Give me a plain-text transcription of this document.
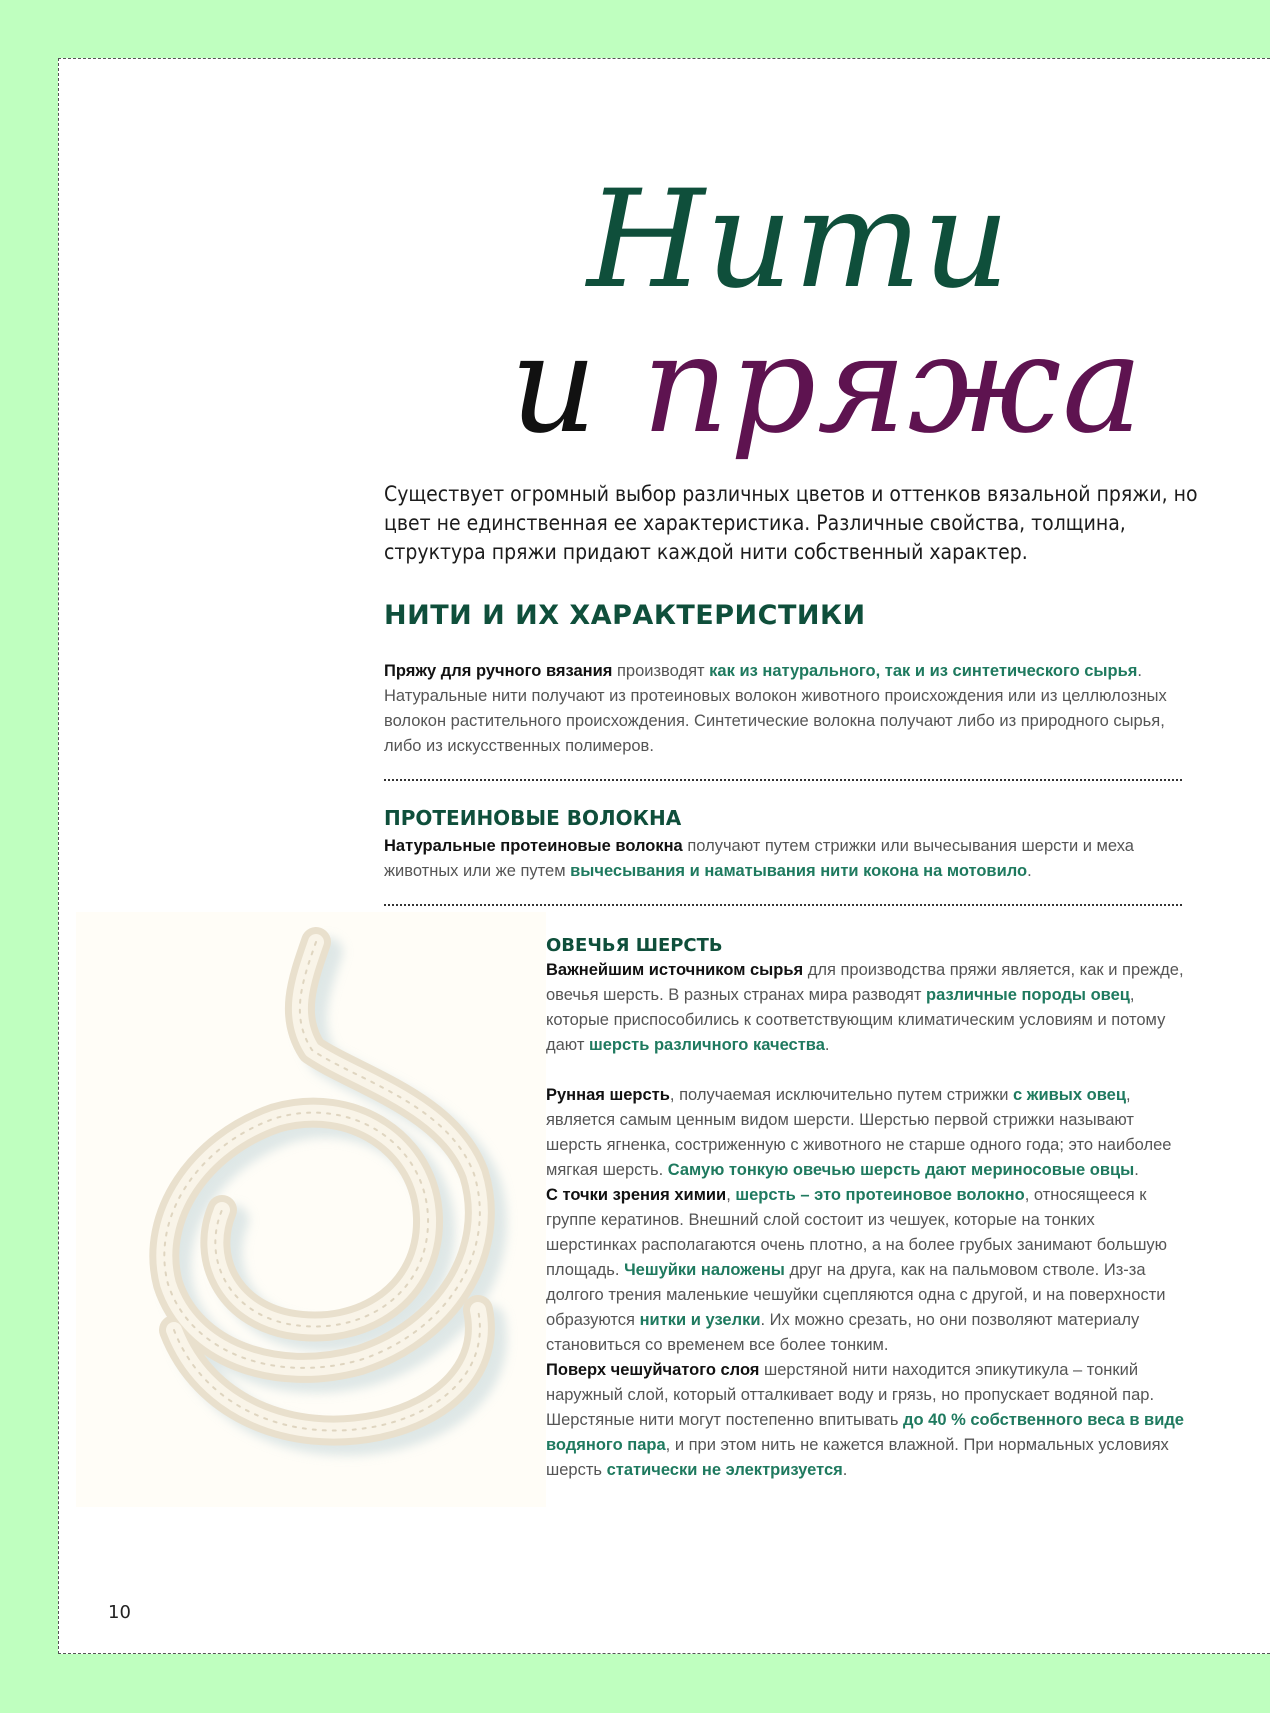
Нити
и пряжа

Существует огромный выбор различных цветов и оттенков вязальной пряжи, но цвет не единственная ее характеристика. Различные свойства, толщина, структура пряжи придают каждой нити собственный характер.

НИТИ И ИХ ХАРАКТЕРИСТИКИ

Пряжу для ручного вязания производят как из натурального, так и из синтетического сырья. Натуральные нити получают из протеиновых волокон животного происхождения или из целлюлозных волокон растительного происхождения. Синтетические волокна получают либо из природного сырья, либо из искусственных полимеров.

ПРОТЕИНОВЫЕ ВОЛОКНА

Натуральные протеиновые волокна получают путем стрижки или вычесывания шерсти и меха животных или же путем вычесывания и наматывания нити кокона на мотовило.

ОВЕЧЬЯ ШЕРСТЬ

Важнейшим источником сырья для производства пряжи является, как и прежде, овечья шерсть. В разных странах мира разводят различные породы овец, которые приспособились к соответствующим климатическим условиям и потому дают шерсть различного качества.

Рунная шерсть, получаемая исключительно путем стрижки с живых овец, является самым ценным видом шерсти. Шерстью первой стрижки называют шерсть ягненка, состриженную с животного не старше одного года; это наиболее мягкая шерсть. Самую тонкую овечью шерсть дают мериносовые овцы.

С точки зрения химии, шерсть – это протеиновое волокно, относящееся к группе кератинов. Внешний слой состоит из чешуек, которые на тонких шерстинках располагаются очень плотно, а на более грубых занимают большую площадь. Чешуйки наложены друг на друга, как на пальмовом стволе. Из-за долгого трения маленькие чешуйки сцепляются одна с другой, и на поверхности образуются нитки и узелки. Их можно срезать, но они позволяют материалу становиться со временем все более тонким.

Поверх чешуйчатого слоя шерстяной нити находится эпикутикула – тонкий наружный слой, который отталкивает воду и грязь, но пропускает водяной пар. Шерстяные нити могут постепенно впитывать до 40 % собственного веса в виде водяного пара, и при этом нить не кажется влажной. При нормальных условиях шерсть статически не электризуется.

10
